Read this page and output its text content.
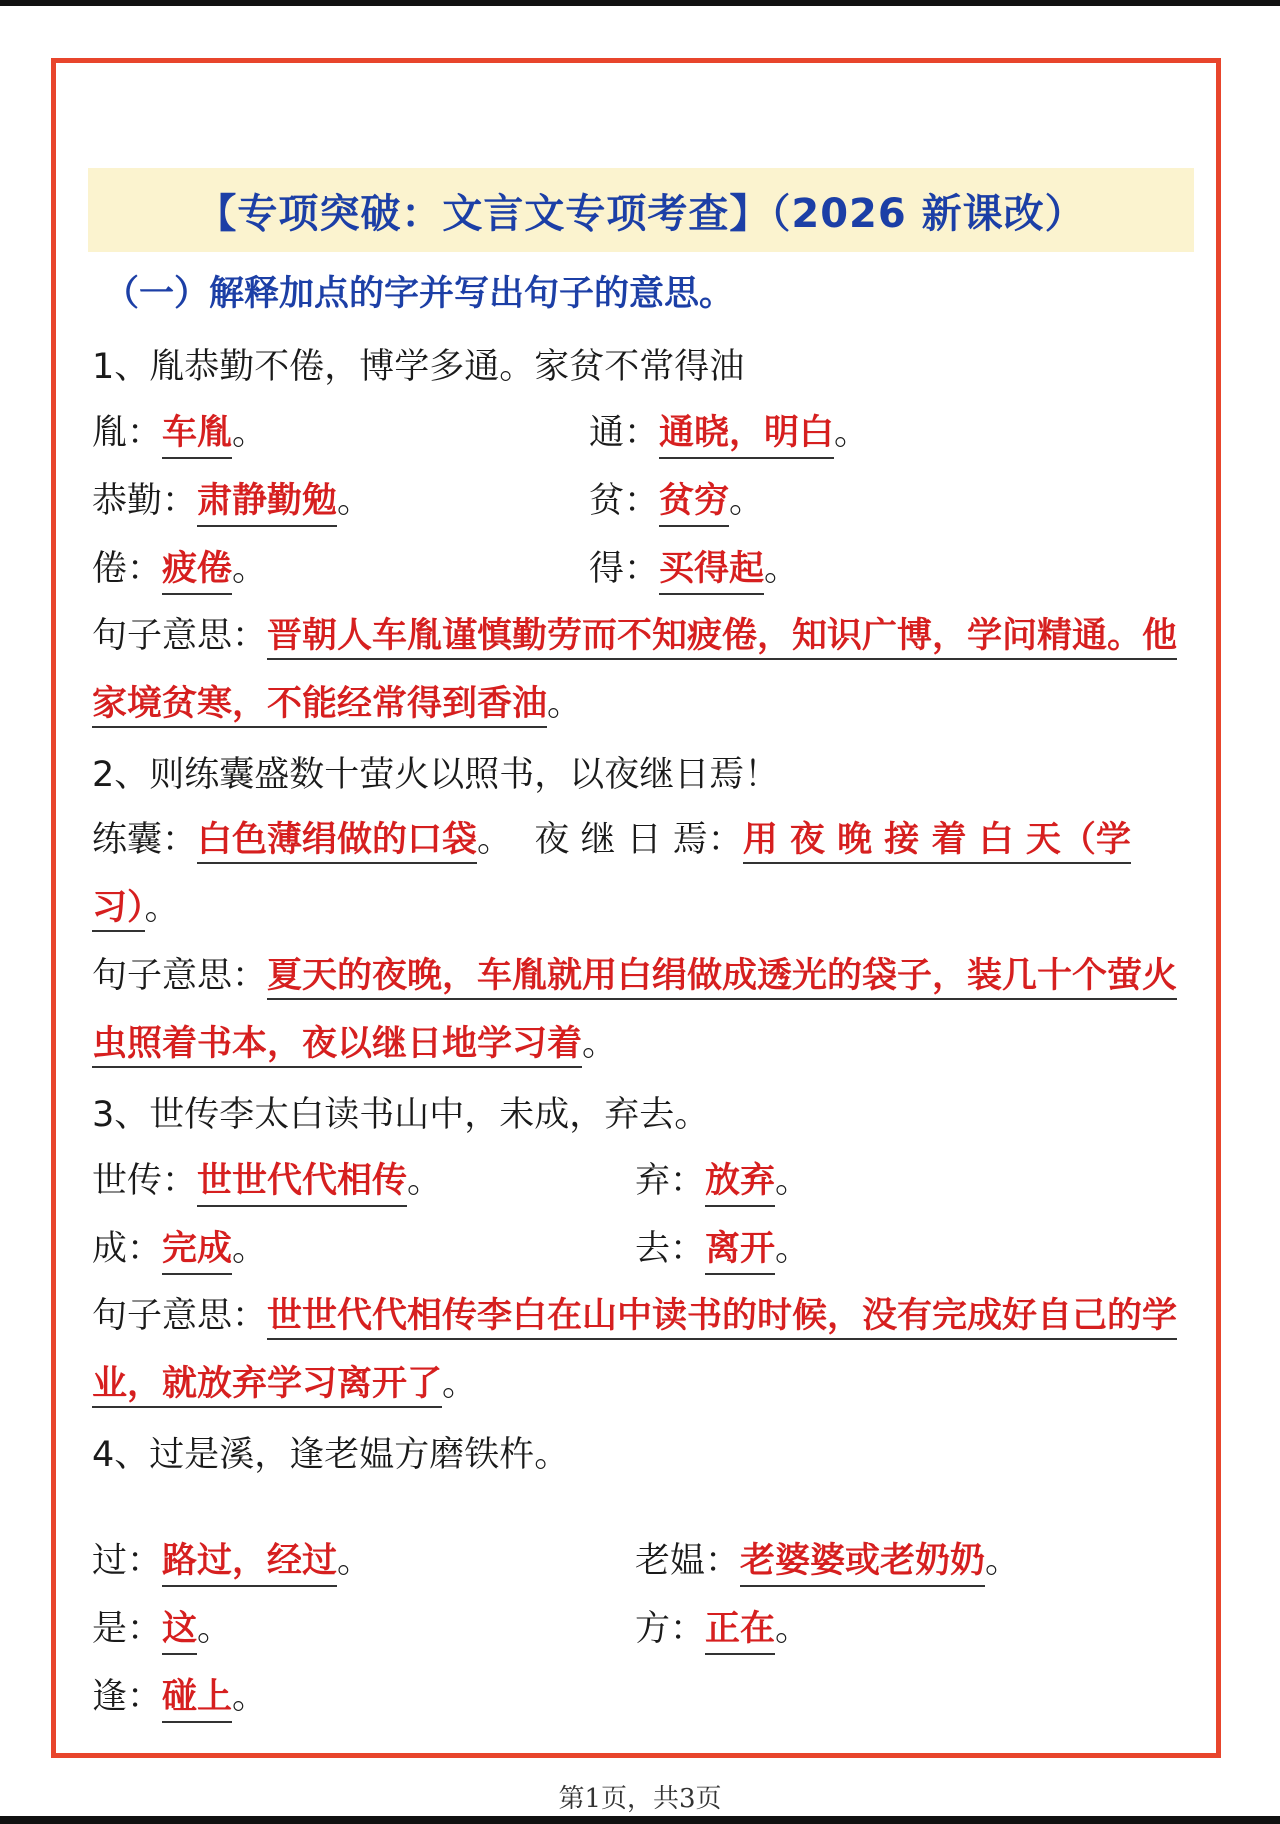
【专项突破：文言文专项考查】（2026 新课改）
（一）解释加点的字并写出句子的意思。
1、胤恭勤不倦，博学多通。家贫不常得油
胤： 车胤 。	通： 通晓，明白 。
恭勤： 肃静勤勉 。	贫： 贫穷 。
倦： 疲倦 。	得： 买得起 。
句子意思：晋朝人车胤谨慎勤劳而不知疲倦，知识广博，学问精通。他家境贫寒，不能经常得到香油。
2、则练囊盛数十萤火以照书，以夜继日焉！
练囊：白色薄绢做的口袋。 夜 继 日 焉：用 夜 晚 接 着 白 天（学 习）。
句子意思：夏天的夜晚，车胤就用白绢做成透光的袋子，装几十个萤火虫照着书本，夜以继日地学习着。
3、世传李太白读书山中，未成，弃去。
世传： 世世代代相传 。	弃： 放弃 。
成： 完成 。	去： 离开 。
句子意思：世世代代相传李白在山中读书的时候，没有完成好自己的学业，就放弃学习离开了。
4、过是溪，逢老媪方磨铁杵。
过： 路过，经过 。	老媪： 老婆婆或老奶奶 。
是： 这 。	方： 正在 。
逢： 碰上 。
第1页，共3页
